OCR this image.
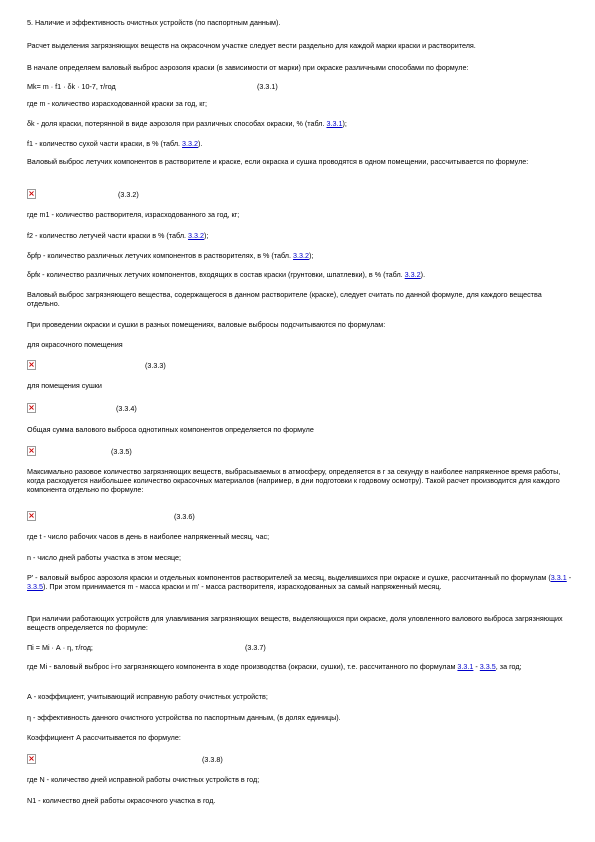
5. Наличие и эффективность очистных устройств (по паспортным данным).

Расчет выделения загрязняющих веществ на окрасочном участке следует вести раздельно для каждой марки краски и растворителя.

В начале определяем валовый выброс аэрозоля краски (в зависимости от марки) при окраске различными способами по формуле:

Мk= m · f1 · δk · 10-7, т/год	(3.3.1)

где m - количество израсходованной краски за год, кг;

δk - доля краски, потерянной в виде аэрозоля при различных способах окраски, % (табл. 3.3.1);

f1 - количество сухой части краски, в % (табл. 3.3.2).

Валовый выброс летучих компонентов в растворителе и краске, если окраска и сушка проводятся в одном помещении, рассчитывается по формуле:

×
(3.3.2)

где m1 - количество растворителя, израсходованного за год, кг;

f2 - количество летучей части краски в % (табл. 3.3.2);

δрfp - количество различных летучих компонентов в растворителях, в % (табл. 3.3.2);

δрfк - количество различных летучих компонентов, входящих в состав краски (грунтовки, шпатлевки), в % (табл. 3.3.2).

Валовый выброс загрязняющего вещества, содержащегося в данном растворителе (краске), следует считать по данной формуле, для каждого вещества отдельно.

При проведении окраски и сушки в разных помещениях, валовые выбросы подсчитываются по формулам:

для окрасочного помещения

×
(3.3.3)

для помещения сушки

×
(3.3.4)

Общая сумма валового выброса однотипных компонентов определяется по формуле

×
(3.3.5)

Максимально разовое количество загрязняющих веществ, выбрасываемых в атмосферу, определяется в г за секунду в наиболее напряженное время работы, когда расходуется наибольшее количество окрасочных материалов (например, в дни подготовки к годовому осмотру). Такой расчет производится для каждого компонента отдельно по формуле:

×
(3.3.6)

где t - число рабочих часов в день в наиболее напряженный месяц, час;

n - число дней работы участка в этом месяце;

Р' - валовый выброс аэрозоля краски и отдельных компонентов растворителей за месяц, выделившихся при окраске и сушке, рассчитанный по формулам (3.3.1 - 3.3.5). При этом принимается m - масса краски и m' - масса растворителя, израсходованных за самый напряженный месяц.

При наличии работающих устройств для улавливания загрязняющих веществ, выделяющихся при окраске, доля уловленного валового выброса загрязняющих веществ определяется по формуле:

Пi = Мi · А · η, т/год;	(3.3.7)

где Мi - валовый выброс i-го загрязняющего компонента в ходе производства (окраски, сушки), т.е. рассчитанного по формулам 3.3.1 - 3.3.5, за год;

А - коэффициент, учитывающий исправную работу очистных устройств;

η - эффективность данного очистного устройства по паспортным данным, (в долях единицы).

Коэффициент А рассчитывается по формуле:

×
(3.3.8)

где N - количество дней исправной работы очистных устройств в год;

N1 - количество дней работы окрасочного участка в год.
